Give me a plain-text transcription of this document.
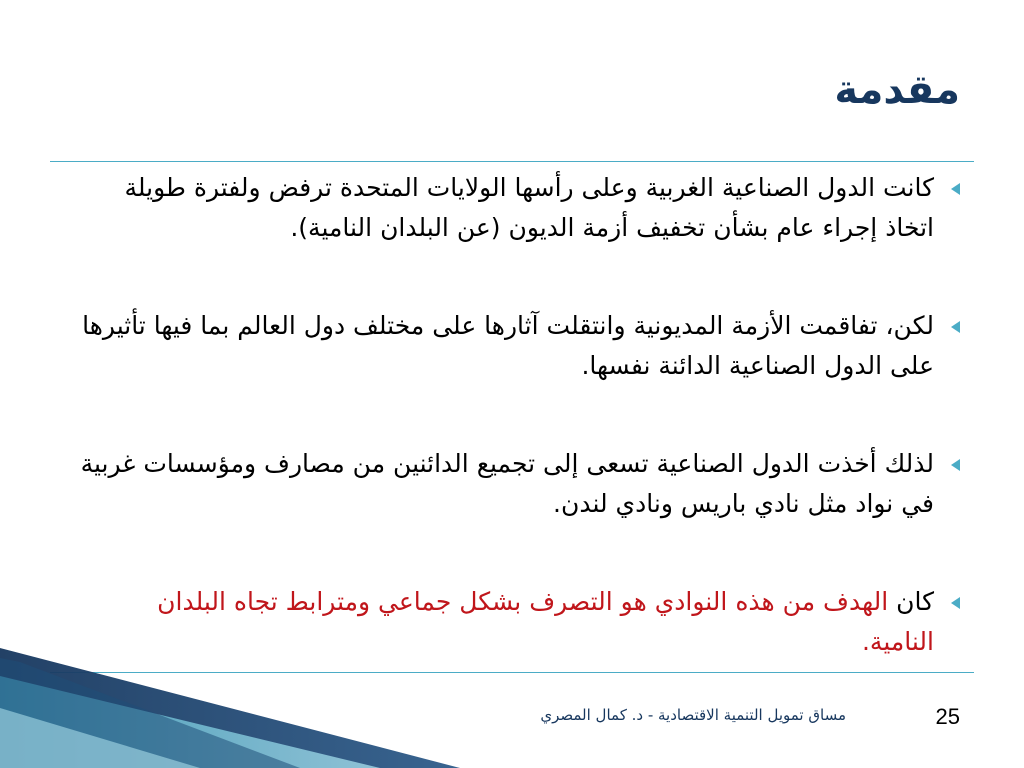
مقدمة

كانت الدول الصناعية الغربية وعلى رأسها الولايات المتحدة ترفض ولفترة طويلة اتخاذ إجراء عام بشأن تخفيف أزمة الديون (عن البلدان النامية).

لكن، تفاقمت الأزمة المديونية وانتقلت آثارها على مختلف دول العالم بما فيها تأثيرها على الدول الصناعية الدائنة نفسها.

لذلك أخذت الدول الصناعية تسعى إلى تجميع الدائنين من مصارف ومؤسسات غربية في نواد مثل نادي باريس ونادي لندن.

كان الهدف من هذه النوادي هو التصرف بشكل جماعي ومترابط تجاه البلدان النامية.

مساق تمويل التنمية الاقتصادية - د. كمال المصري	25
